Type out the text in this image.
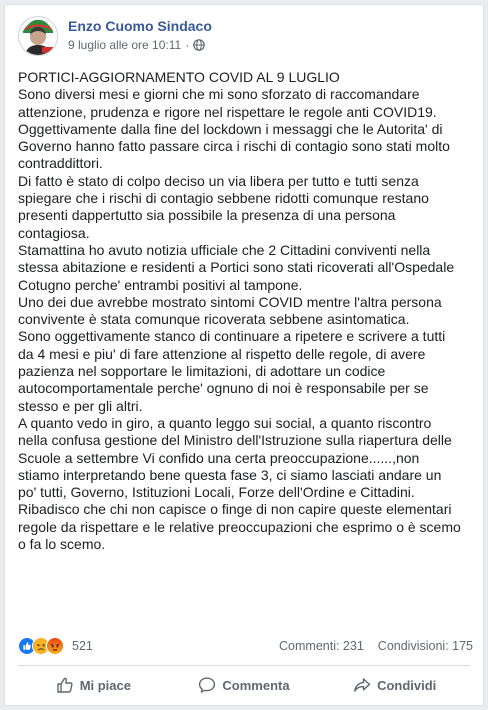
Enzo Cuomo Sindaco
9 luglio alle ore 10:11 ·

PORTICI-AGGIORNAMENTO COVID AL 9 LUGLIO

Sono diversi mesi e giorni che mi sono sforzato di raccomandare

attenzione, prudenza e rigore nel rispettare le regole anti COVID19.

Oggettivamente dalla fine del lockdown i messaggi che le Autorita' di

Governo hanno fatto passare circa i rischi di contagio sono stati molto

contraddittori.

Di fatto è stato di colpo deciso un via libera per tutto e tutti senza

spiegare che i rischi di contagio sebbene ridotti comunque restano

presenti dappertutto sia possibile la presenza di una persona

contagiosa.

Stamattina ho avuto notizia ufficiale che 2 Cittadini conviventi nella

stessa abitazione e residenti a Portici sono stati ricoverati all'Ospedale

Cotugno perche' entrambi positivi al tampone.

Uno dei due avrebbe mostrato sintomi COVID mentre l'altra persona

convivente è stata comunque ricoverata sebbene asintomatica.

Sono oggettivamente stanco di continuare a ripetere e scrivere a tutti

da 4 mesi e piu' di fare attenzione al rispetto delle regole, di avere

pazienza nel sopportare le limitazioni, di adottare un codice

autocomportamentale perche' ognuno di noi è responsabile per se

stesso e per gli altri.

A quanto vedo in giro, a quanto leggo sui social, a quanto riscontro

nella confusa gestione del Ministro dell'Istruzione sulla riapertura delle

Scuole a settembre Vi confido una certa preoccupazione......,non

stiamo interpretando bene questa fase 3, ci siamo lasciati andare un

po' tutti, Governo, Istituzioni Locali, Forze dell'Ordine e Cittadini.

Ribadisco che chi non capisce o finge di non capire queste elementari

regole da rispettare e le relative preoccupazioni che esprimo o è scemo

o fa lo scemo.

521	Commenti: 231 Condivisioni: 175
Mi piace	Commenta	Condividi
